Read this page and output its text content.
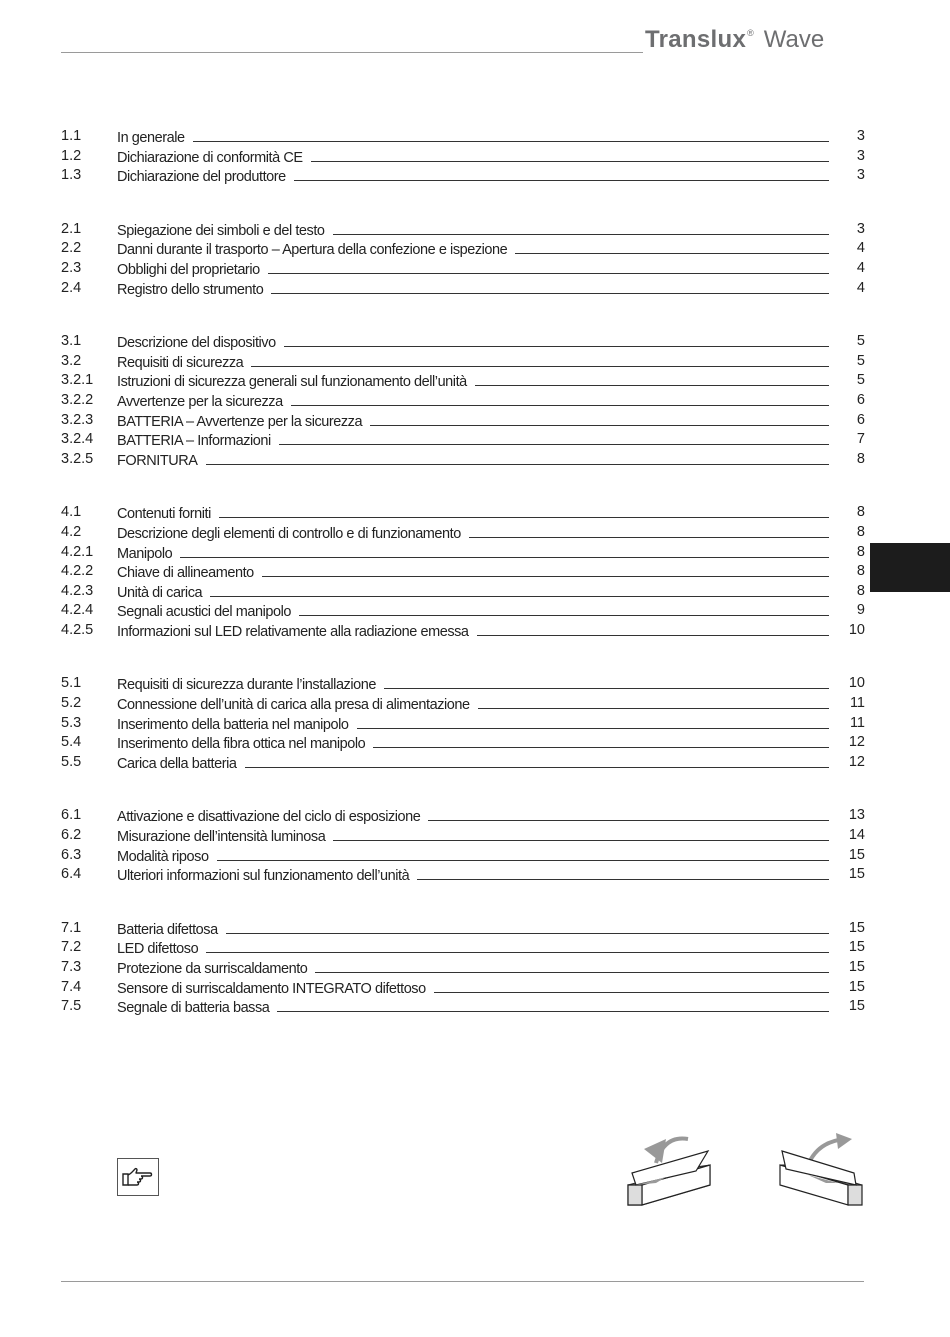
Translux® Wave
1.1	In generale	3
1.2	Dichiarazione di conformità CE	3
1.3	Dichiarazione del produttore	3
2.1	Spiegazione dei simboli e del testo	3
2.2	Danni durante il trasporto – Apertura della confezione e ispezione	4
2.3	Obblighi del proprietario	4
2.4	Registro dello strumento	4
3.1	Descrizione del dispositivo	5
3.2	Requisiti di sicurezza	5
3.2.1	Istruzioni di sicurezza generali sul funzionamento dell’unità	5
3.2.2	Avvertenze per la sicurezza	6
3.2.3	BATTERIA – Avvertenze per la sicurezza	6
3.2.4	BATTERIA – Informazioni	7
3.2.5	FORNITURA	8
4.1	Contenuti forniti	8
4.2	Descrizione degli elementi di controllo e di funzionamento	8
4.2.1	Manipolo	8
4.2.2	Chiave di allineamento	8
4.2.3	Unità di carica	8
4.2.4	Segnali acustici del manipolo	9
4.2.5	Informazioni sul LED relativamente alla radiazione emessa	10
5.1	Requisiti di sicurezza durante l’installazione	10
5.2	Connessione dell’unità di carica alla presa di alimentazione	11
5.3	Inserimento della batteria nel manipolo	11
5.4	Inserimento della fibra ottica nel manipolo	12
5.5	Carica della batteria	12
6.1	Attivazione e disattivazione del ciclo di esposizione	13
6.2	Misurazione dell’intensità luminosa	14
6.3	Modalità riposo	15
6.4	Ulteriori informazioni sul funzionamento dell’unità	15
7.1	Batteria difettosa	15
7.2	LED difettoso	15
7.3	Protezione da surriscaldamento	15
7.4	Sensore di surriscaldamento INTEGRATO difettoso	15
7.5	Segnale di batteria bassa	15
